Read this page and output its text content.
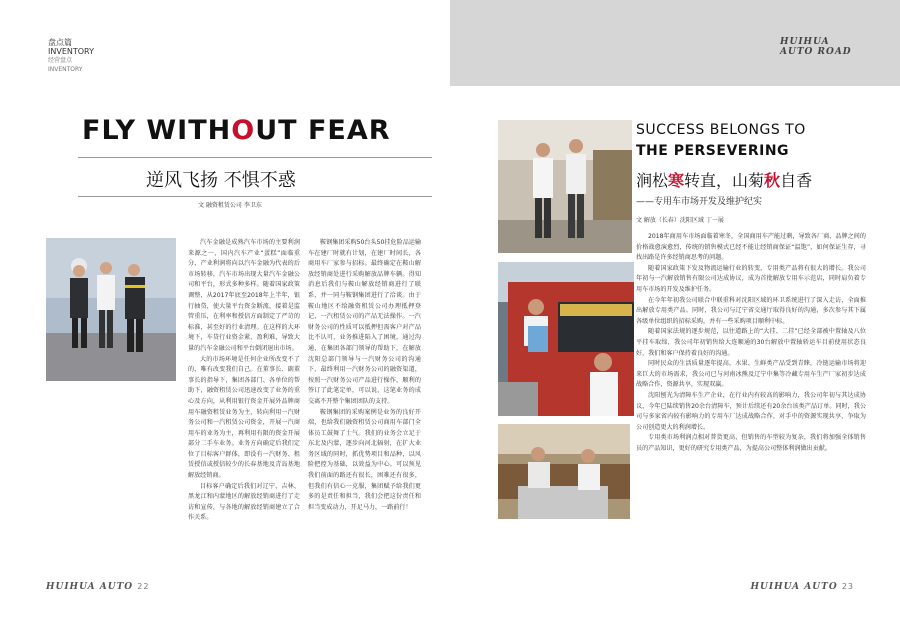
盘点篇
INVENTORY
经营盘点
INVENTORY
FLY WITHOUT FEAR
逆风飞扬 不惧不惑
文 融资租赁公司 李卫东

汽车金融是成熟汽车市场的主要利润来源之一，国内汽车产业“蛋糕”面临重分，产业利润将向以汽车金融为代表的后市场转移，汽车市场出现大量汽车金融公司和平台，形式多种多样。随着国家政策调整，从2017年底至2018年上半年，银行抽贷，使大量平台资金断流，接着是监管重压，在利率和授信方面制定了严苛的标准，甚至好的行业清理。在这样的大环境下，车贷行业资金紧、盈利难，导致大量的汽车金融公司和平台倒闭退出市场。

大的市场环境是任何企业所改变不了的，唯有改变我们自己。在董事长、副董事长的指导下，集团各部门、各单位的帮助下，融资租赁公司迅速改变了业务的重心及方向，从利用银行资金开展外品牌商用车融资租赁业务为主，转向利用一汽财务公司和一汽租赁公司资金，开展一汽商用车的业务为主，再利用有限的资金开展部分二手车业务。业务方向确定后我们定位了目标客户群体，即没有一汽财务、租赁授信或授信较少的长春基地及青岛基地解放经销商。

目标客户确定后我们对辽宁、吉林、黑龙江和内蒙地区的解放经销商进行了走访和宣传，与各地的解放经销商建立了合作关系。

鞍钢集团采购50台头50挂危险品运输车在建厂时就有计划，在建厂时间长，各商用车厂家参与招标。最终确定在鞍山解放经销商处进行采购解放品牌车辆。得知消息后我们与鞍山解放经销商进行了联系，并一同与鞍钢集团进行了洽谈。由于鞍山地区不给融资租赁公司办理抵押登记，一汽租赁公司的产品无法操作。一汽财务公司的性质可以抵押但需客户对产品比不认可，业务推进陷入了困境。通过沟通，在集团各部门领导的帮助下，在解放沈阳总部门领导与一汽财务公司的沟通下，最终利用一汽财务公司的融资渠道，按照一汽财务公司产品进行操作，顺利的签订了此笔定单，可以说，这笔业务的成交离不开整个集团团队的支持。

鞍钢集团的采购案例是业务的良好开端，也给我们融资租赁公司商用车部门全体员工鼓舞了士气。我们的业务会立足于东北及内蒙，逐步向河北辐射，在扩大业务区域的同时，抓优势项目和品种，以风险把控为基础，以效益为中心。可以预见我们前面的路还有很长，困难还有很多，但我们有信心一克服，集团赋予给我们更多的是责任和担当，我们会把这份责任和担当变成动力，开足马力，一路前行！

HUIHUA AUTO 22
HUIHUA AUTO ROAD
SUCCESS BELONGS TO
THE PERSEVERING
涧松寒转直，山菊秋自香
——专用车市场开发及维护纪实
文 解放（长春）沈阳区域 丁一展

2018年商用车市场面临着寒冬，全国商用车产能过剩，导致各厂商、品牌之间的价格战愈演愈烈，传统的销售模式已经不能让经销商保证“温饱”，如何保证生存，寻找出路是许多经销商思考的问题。

随着国家政策下发及物流运输行业的转变，专用类产品将有很大的增长。我公司年初与一汽解放销售有限公司达成协议，成为首批解放专用车示范店，同时肩负着专用车市场的开发及维护任务。

在今年年初我公司联合中联重科对沈阳区域的环卫系统进行了深入走访，全面推出解放专用类产品。同时，我公司与辽宁省交通厅取得良好的沟通，多次参与其下属各级单位组织的招标采购，并有一些采购项目顺利中标。

随着国家法规的逐步规范，以往道路上的“大挂、二挂”已经全部被中置轴及八位平挂车取缔，我公司年初销售给大连顺通的30台解放中置轴轿运车目前使用状态良好，我们和客户保持着良好的沟通。

同时民众的生活质量逐年提高，水果、生鲜类产品受到青睐，冷链运输市场将迎来巨大的市场需求，我公司已与河南冰熊及辽宁中集等冷藏专用车生产厂家初步达成战略合作，资源共享，实现双赢。

沈阳刨光为清障车生产企业，在行业内有较高的影响力，我公司年初与其达成协议，今年已陆续销售20余台清障车，预计后续还有20余台该类产品订单。同时，我公司与多家省内较有影响力的专用车厂达成战略合作，对手中的资源实现共享，争取为公司创造更大的利润增长。

专用类市场利润点相对普货更高，但销售的车型较为复杂，我们将加强全体销售员的产品知识，更好的研究专用类产品，为提高公司整体利润做出贡献。

HUIHUA AUTO 23
